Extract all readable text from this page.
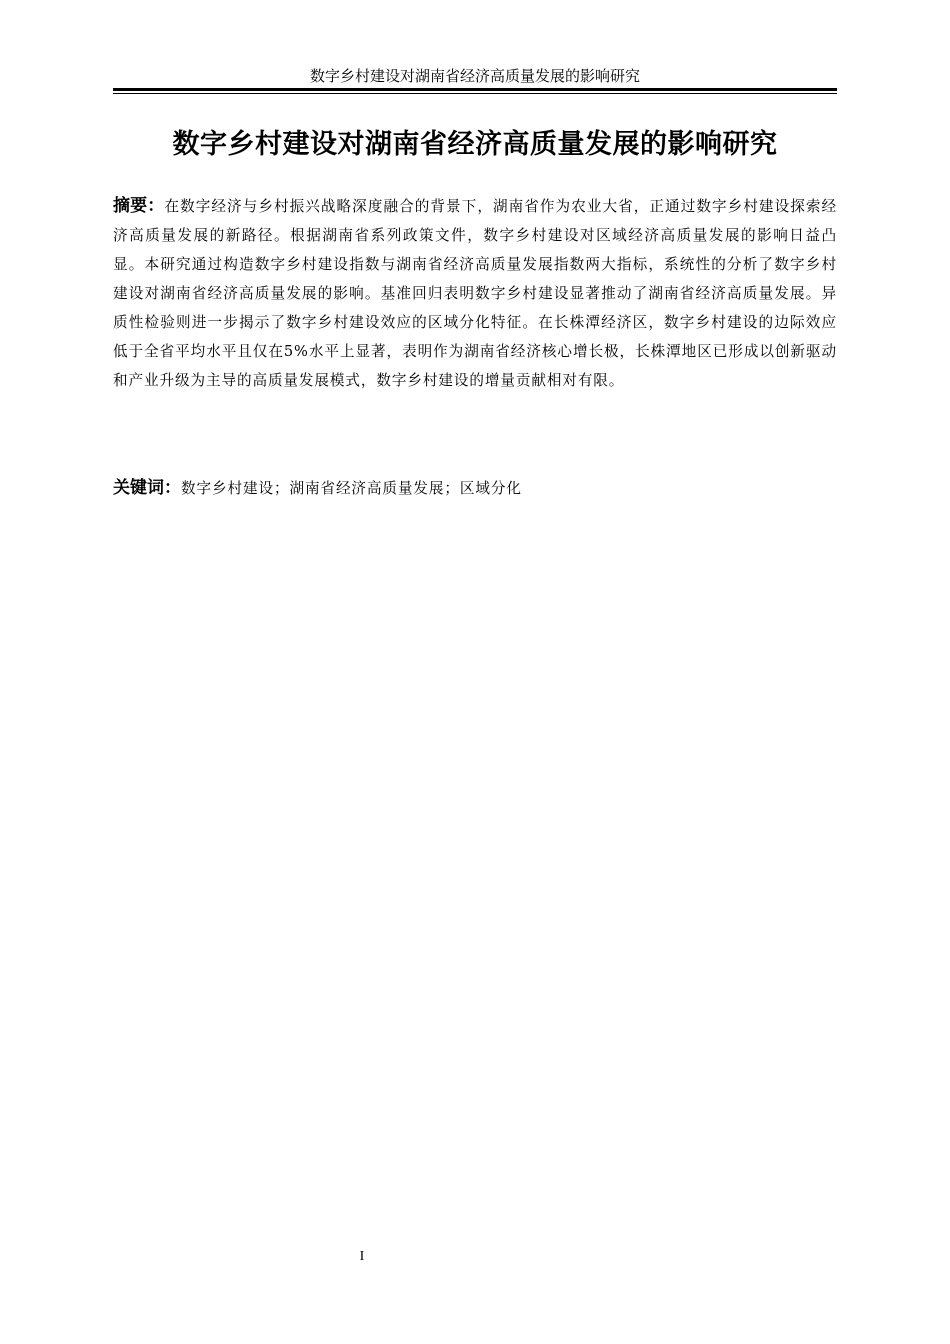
数字乡村建设对湖南省经济高质量发展的影响研究
数字乡村建设对湖南省经济高质量发展的影响研究
摘要：在数字经济与乡村振兴战略深度融合的背景下，湖南省作为农业大省，正通过数字乡村建设探索经济高质量发展的新路径。根据湖南省系列政策文件，数字乡村建设对区域经济高质量发展的影响日益凸显。本研究通过构造数字乡村建设指数与湖南省经济高质量发展指数两大指标，系统性的分析了数字乡村建设对湖南省经济高质量发展的影响。基准回归表明数字乡村建设显著推动了湖南省经济高质量发展。异质性检验则进一步揭示了数字乡村建设效应的区域分化特征。在长株潭经济区，数字乡村建设的边际效应低于全省平均水平且仅在5%水平上显著，表明作为湖南省经济核心增长极，长株潭地区已形成以创新驱动和产业升级为主导的高质量发展模式，数字乡村建设的增量贡献相对有限。
关键词：数字乡村建设；湖南省经济高质量发展；区域分化
I
